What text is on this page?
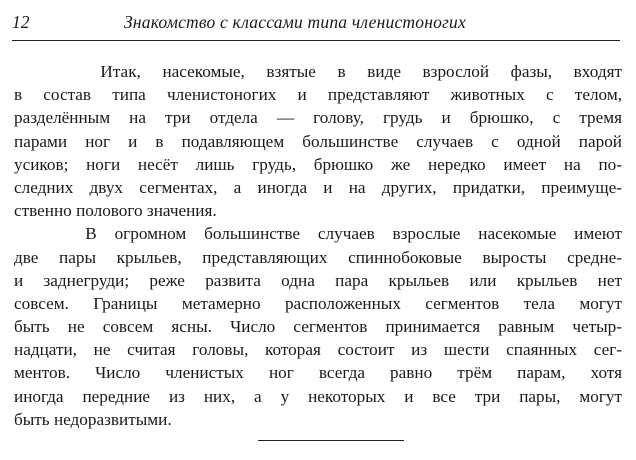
12	Знакомство с классами типа членистоногих

Итак, насекомые, взятые в виде взрослой фазы, входят
в состав типа членистоногих и представляют животных с телом,
разделённым на три отдела — голову, грудь и брюшко, с тремя
парами ног и в подавляющем большинстве случаев с одной парой
усиков; ноги несёт лишь грудь, брюшко же нередко имеет на по-
следних двух сегментах, а иногда и на других, придатки, преимуще-
ственно полового значения.

В огромном большинстве случаев взрослые насекомые имеют
две пары крыльев, представляющих спиннобоковые выросты средне-
и заднегруди; реже развита одна пара крыльев или крыльев нет
совсем. Границы метамерно расположенных сегментов тела могут
быть не совсем ясны. Число сегментов принимается равным четыр-
надцати, не считая головы, которая состоит из шести спаянных сег-
ментов. Число членистых ног всегда равно трём парам, хотя
иногда передние из них, а у некоторых и все три пары, могут
быть недоразвитыми.
